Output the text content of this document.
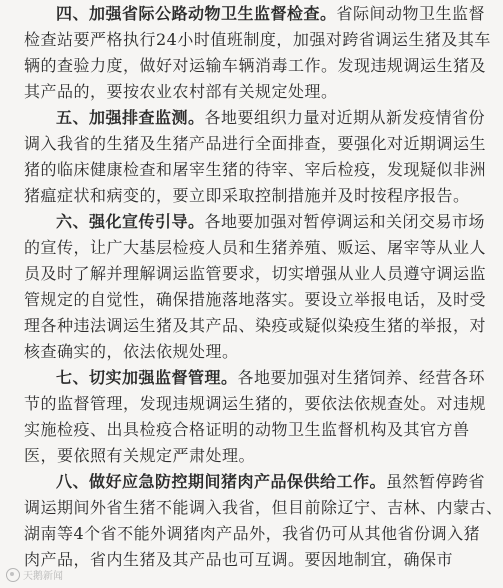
四、加强省际公路动物卫生监督检查。省际间动物卫生监督
检查站要严格执行24小时值班制度，加强对跨省调运生猪及其车
辆的查验力度，做好对运输车辆消毒工作。发现违规调运生猪及
其产品的，要按农业农村部有关规定处理。
五、加强排查监测。各地要组织力量对近期从新发疫情省份
调入我省的生猪及生猪产品进行全面排查，要强化对近期调运生
猪的临床健康检查和屠宰生猪的待宰、宰后检疫，发现疑似非洲
猪瘟症状和病变的，要立即采取控制措施并及时按程序报告。
六、强化宣传引导。各地要加强对暂停调运和关闭交易市场
的宣传，让广大基层检疫人员和生猪养殖、贩运、屠宰等从业人
员及时了解并理解调运监管要求，切实增强从业人员遵守调运监
管规定的自觉性，确保措施落地落实。要设立举报电话，及时受
理各种违法调运生猪及其产品、染疫或疑似染疫生猪的举报，对
核查确实的，依法依规处理。
七、切实加强监督管理。各地要加强对生猪饲养、经营各环
节的监督管理，发现违规调运生猪的，要依法依规查处。对违规
实施检疫、出具检疫合格证明的动物卫生监督机构及其官方兽
医，要依照有关规定严肃处理。
八、做好应急防控期间猪肉产品保供给工作。虽然暂停跨省
调运期间外省生猪不能调入我省，但目前除辽宁、吉林、内蒙古、
湖南等4个省不能外调猪肉产品外，我省仍可从其他省份调入猪
肉产品，省内生猪及其产品也可互调。要因地制宜，确保市
天鹅新闻
